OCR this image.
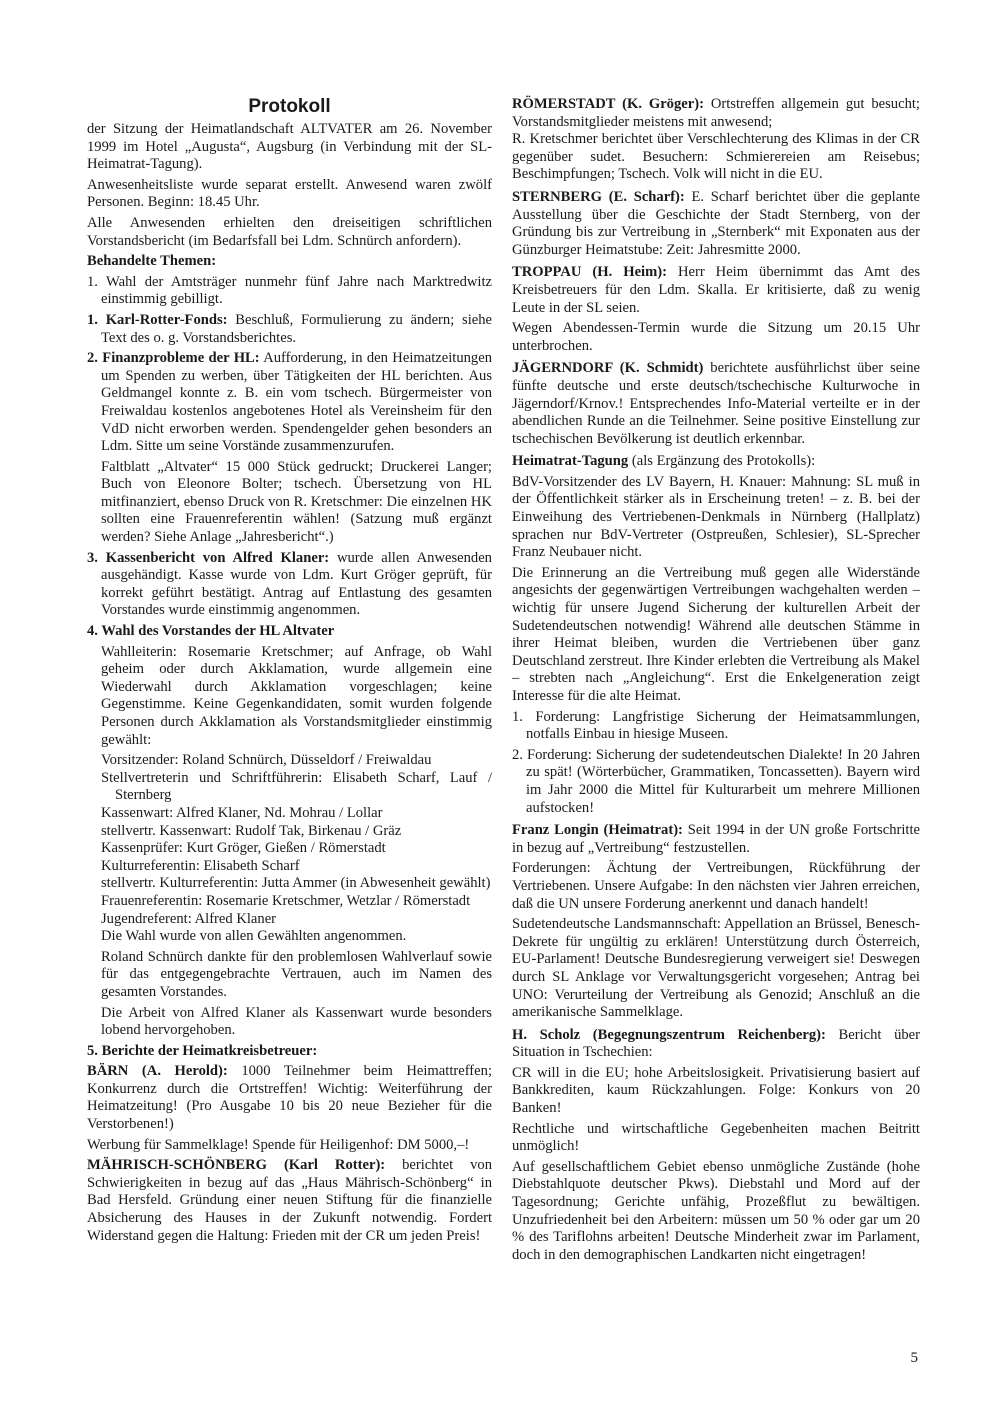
Protokoll

der Sitzung der Heimatlandschaft ALTVATER am 26. November 1999 im Hotel „Augusta“, Augsburg (in Verbindung mit der SL-Heimatrat-Tagung).

Anwesenheitsliste wurde separat erstellt. Anwesend waren zwölf Personen. Beginn: 18.45 Uhr.

Alle Anwesenden erhielten den dreiseitigen schriftlichen Vorstandsbericht (im Bedarfsfall bei Ldm. Schnürch anfordern).

Behandelte Themen:

1. Wahl der Amtsträger nunmehr fünf Jahre nach Marktredwitz einstimmig gebilligt.

1. Karl-Rotter-Fonds: Beschluß, Formulierung zu ändern; siehe Text des o. g. Vorstandsberichtes.

2. Finanzprobleme der HL: Aufforderung, in den Heimatzeitungen um Spenden zu werben, über Tätigkeiten der HL berichten. Aus Geldmangel konnte z. B. ein vom tschech. Bürgermeister von Freiwaldau kostenlos angebotenes Hotel als Vereinsheim für den VdD nicht erworben werden. Spendengelder gehen besonders an Ldm. Sitte um seine Vorstände zusammenzurufen.

Faltblatt „Altvater“ 15 000 Stück gedruckt; Druckerei Langer; Buch von Eleonore Bolter; tschech. Übersetzung von HL mitfinanziert, ebenso Druck von R. Kretschmer: Die einzelnen HK sollten eine Frauenreferentin wählen! (Satzung muß ergänzt werden? Siehe Anlage „Jahresbericht“.)

3. Kassenbericht von Alfred Klaner: wurde allen Anwesenden ausgehändigt. Kasse wurde von Ldm. Kurt Gröger geprüft, für korrekt geführt bestätigt. Antrag auf Entlastung des gesamten Vorstandes wurde einstimmig angenommen.

4. Wahl des Vorstandes der HL Altvater

Wahlleiterin: Rosemarie Kretschmer; auf Anfrage, ob Wahl geheim oder durch Akklamation, wurde allgemein eine Wiederwahl durch Akklamation vorgeschlagen; keine Gegenstimme. Keine Gegenkandidaten, somit wurden folgende Personen durch Akklamation als Vorstandsmitglieder einstimmig gewählt:

Vorsitzender: Roland Schnürch, Düsseldorf / Freiwaldau
Stellvertreterin und Schriftführerin: Elisabeth Scharf, Lauf / Sternberg
Kassenwart: Alfred Klaner, Nd. Mohrau / Lollar
stellvertr. Kassenwart: Rudolf Tak, Birkenau / Gräz
Kassenprüfer: Kurt Gröger, Gießen / Römerstadt
Kulturreferentin: Elisabeth Scharf
stellvertr. Kulturreferentin: Jutta Ammer (in Abwesenheit gewählt)
Frauenreferentin: Rosemarie Kretschmer, Wetzlar / Römerstadt
Jugendreferent: Alfred Klaner

Die Wahl wurde von allen Gewählten angenommen.

Roland Schnürch dankte für den problemlosen Wahlverlauf sowie für das entgegengebrachte Vertrauen, auch im Namen des gesamten Vorstandes.

Die Arbeit von Alfred Klaner als Kassenwart wurde besonders lobend hervorgehoben.

5. Berichte der Heimatkreisbetreuer:

BÄRN (A. Herold): 1000 Teilnehmer beim Heimattreffen; Konkurrenz durch die Ortstreffen! Wichtig: Weiterführung der Heimatzeitung! (Pro Ausgabe 10 bis 20 neue Bezieher für die Verstorbenen!)

Werbung für Sammelklage! Spende für Heiligenhof: DM 5000,–!

MÄHRISCH-SCHÖNBERG (Karl Rotter): berichtet von Schwierigkeiten in bezug auf das „Haus Mährisch-Schönberg“ in Bad Hersfeld. Gründung einer neuen Stiftung für die finanzielle Absicherung des Hauses in der Zukunft notwendig. Fordert Widerstand gegen die Haltung: Frieden mit der CR um jeden Preis!

RÖMERSTADT (K. Gröger): Ortstreffen allgemein gut besucht; Vorstandsmitglieder meistens mit anwesend;
R. Kretschmer berichtet über Verschlechterung des Klimas in der CR gegenüber sudet. Besuchern: Schmierereien am Reisebus; Beschimpfungen; Tschech. Volk will nicht in die EU.

STERNBERG (E. Scharf): E. Scharf berichtet über die geplante Ausstellung über die Geschichte der Stadt Sternberg, von der Gründung bis zur Vertreibung in „Sternberk“ mit Exponaten aus der Günzburger Heimatstube: Zeit: Jahresmitte 2000.

TROPPAU (H. Heim): Herr Heim übernimmt das Amt des Kreisbetreuers für den Ldm. Skalla. Er kritisierte, daß zu wenig Leute in der SL seien.

Wegen Abendessen-Termin wurde die Sitzung um 20.15 Uhr unterbrochen.

JÄGERNDORF (K. Schmidt) berichtete ausführlichst über seine fünfte deutsche und erste deutsch/tschechische Kulturwoche in Jägerndorf/Krnov.! Entsprechendes Info-Material verteilte er in der abendlichen Runde an die Teilnehmer. Seine positive Einstellung zur tschechischen Bevölkerung ist deutlich erkennbar.

Heimatrat-Tagung (als Ergänzung des Protokolls):

BdV-Vorsitzender des LV Bayern, H. Knauer: Mahnung: SL muß in der Öffentlichkeit stärker als in Erscheinung treten! – z. B. bei der Einweihung des Vertriebenen-Denkmals in Nürnberg (Hallplatz) sprachen nur BdV-Vertreter (Ostpreußen, Schlesier), SL-Sprecher Franz Neubauer nicht.

Die Erinnerung an die Vertreibung muß gegen alle Widerstände angesichts der gegenwärtigen Vertreibungen wachgehalten werden – wichtig für unsere Jugend Sicherung der kulturellen Arbeit der Sudetendeutschen notwendig! Während alle deutschen Stämme in ihrer Heimat bleiben, wurden die Vertriebenen über ganz Deutschland zerstreut. Ihre Kinder erlebten die Vertreibung als Makel – strebten nach „Angleichung“. Erst die Enkelgeneration zeigt Interesse für die alte Heimat.

1. Forderung: Langfristige Sicherung der Heimatsammlungen, notfalls Einbau in hiesige Museen.

2. Forderung: Sicherung der sudetendeutschen Dialekte! In 20 Jahren zu spät! (Wörterbücher, Grammatiken, Toncassetten). Bayern wird im Jahr 2000 die Mittel für Kulturarbeit um mehrere Millionen aufstocken!

Franz Longin (Heimatrat): Seit 1994 in der UN große Fortschritte in bezug auf „Vertreibung“ festzustellen.

Forderungen: Ächtung der Vertreibungen, Rückführung der Vertriebenen. Unsere Aufgabe: In den nächsten vier Jahren erreichen, daß die UN unsere Forderung anerkennt und danach handelt!

Sudetendeutsche Landsmannschaft: Appellation an Brüssel, Benesch-Dekrete für ungültig zu erklären! Unterstützung durch Österreich, EU-Parlament! Deutsche Bundesregierung verweigert sie! Deswegen durch SL Anklage vor Verwaltungsgericht vorgesehen; Antrag bei UNO: Verurteilung der Vertreibung als Genozid; Anschluß an die amerikanische Sammelklage.

H. Scholz (Begegnungszentrum Reichenberg): Bericht über Situation in Tschechien:

CR will in die EU; hohe Arbeitslosigkeit. Privatisierung basiert auf Bankkrediten, kaum Rückzahlungen. Folge: Konkurs von 20 Banken!

Rechtliche und wirtschaftliche Gegebenheiten machen Beitritt unmöglich!

Auf gesellschaftlichem Gebiet ebenso unmögliche Zustände (hohe Diebstahlquote deutscher Pkws). Diebstahl und Mord auf der Tagesordnung; Gerichte unfähig, Prozeßflut zu bewältigen. Unzufriedenheit bei den Arbeitern: müssen um 50 % oder gar um 20 % des Tariflohns arbeiten! Deutsche Minderheit zwar im Parlament, doch in den demographischen Landkarten nicht eingetragen!

5
